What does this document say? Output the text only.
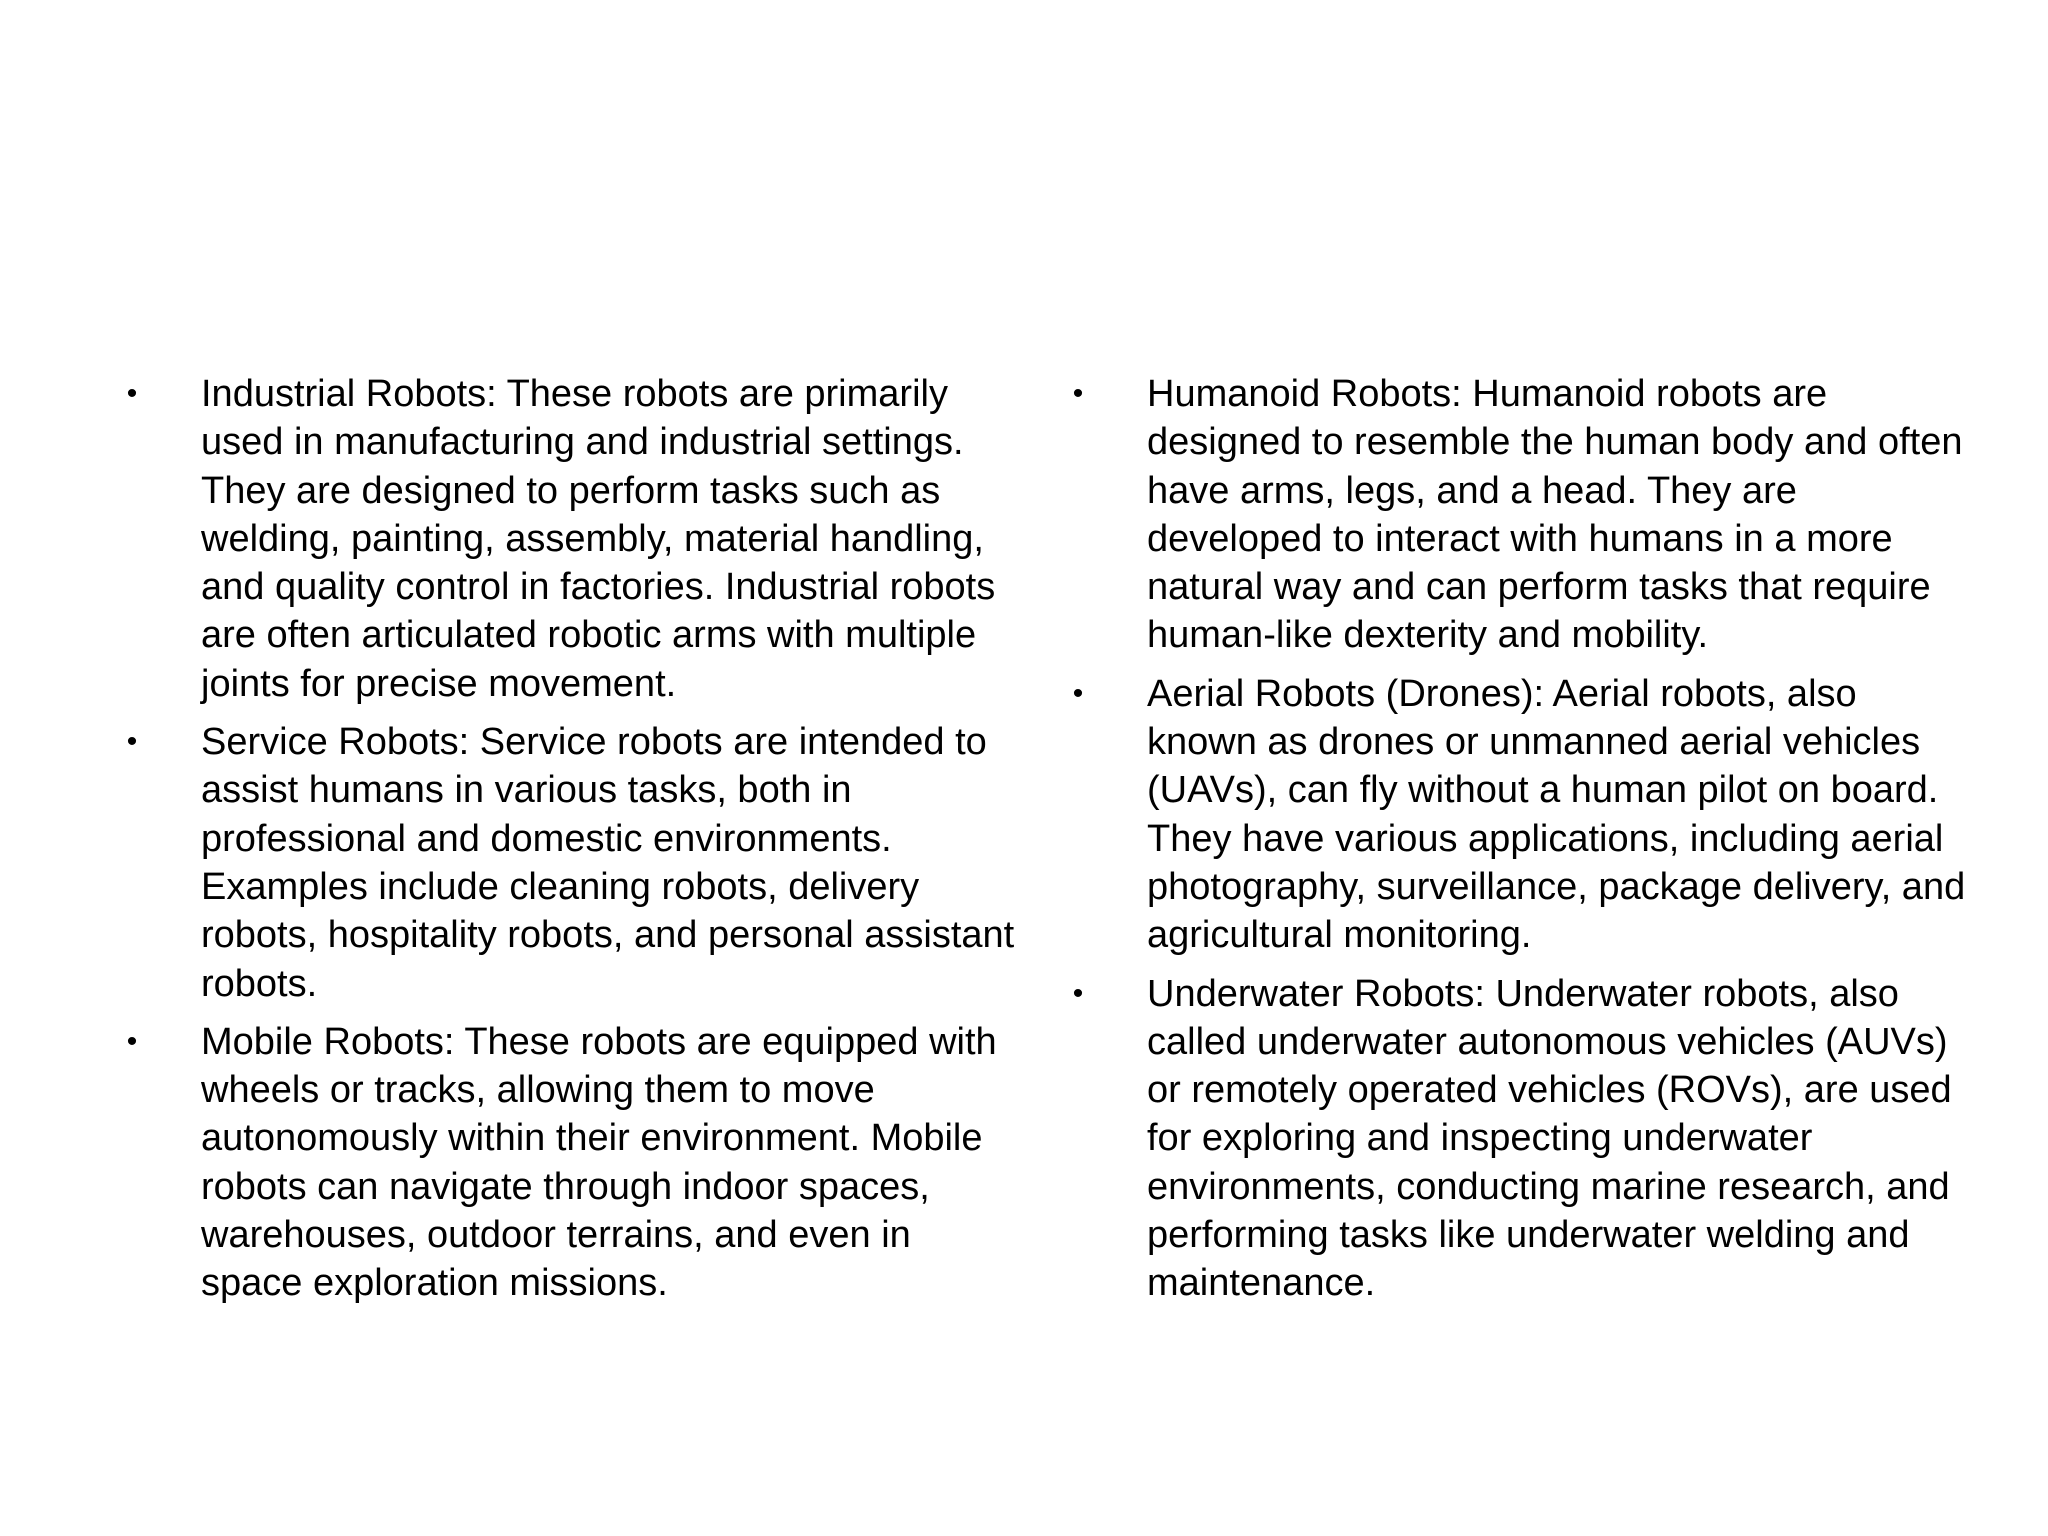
• Industrial Robots: These robots are primarily used in manufacturing and industrial settings. They are designed to perform tasks such as welding, painting, assembly, material handling, and quality control in factories. Industrial robots are often articulated robotic arms with multiple joints for precise movement.
• Service Robots: Service robots are intended to assist humans in various tasks, both in professional and domestic environments. Examples include cleaning robots, delivery robots, hospitality robots, and personal assistant robots.
• Mobile Robots: These robots are equipped with wheels or tracks, allowing them to move autonomously within their environment. Mobile robots can navigate through indoor spaces, warehouses, outdoor terrains, and even in space exploration missions.
• Humanoid Robots: Humanoid robots are designed to resemble the human body and often have arms, legs, and a head. They are developed to interact with humans in a more natural way and can perform tasks that require human-like dexterity and mobility.
• Aerial Robots (Drones): Aerial robots, also known as drones or unmanned aerial vehicles (UAVs), can fly without a human pilot on board. They have various applications, including aerial photography, surveillance, package delivery, and agricultural monitoring.
• Underwater Robots: Underwater robots, also called underwater autonomous vehicles (AUVs) or remotely operated vehicles (ROVs), are used for exploring and inspecting underwater environments, conducting marine research, and performing tasks like underwater welding and maintenance.
